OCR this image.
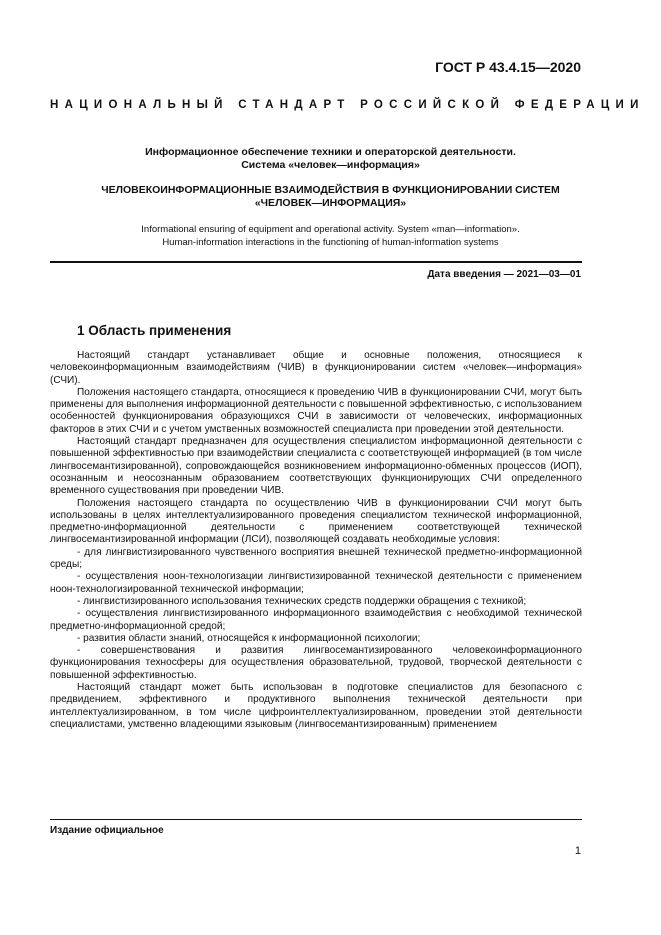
ГОСТ Р 43.4.15—2020
НАЦИОНАЛЬНЫЙ СТАНДАРТ РОССИЙСКОЙ ФЕДЕРАЦИИ
Информационное обеспечение техники и операторской деятельности.
Система «человек—информация»
ЧЕЛОВЕКОИНФОРМАЦИОННЫЕ ВЗАИМОДЕЙСТВИЯ В ФУНКЦИОНИРОВАНИИ СИСТЕМ
«ЧЕЛОВЕК—ИНФОРМАЦИЯ»
Informational ensuring of equipment and operational activity. System «man—information».
Human-information interactions in the functioning of human-information systems
Дата введения — 2021—03—01
1 Область применения

Настоящий стандарт устанавливает общие и основные положения, относящиеся к человекоинформационным взаимодействиям (ЧИВ) в функционировании систем «человек—информация» (СЧИ).

Положения настоящего стандарта, относящиеся к проведению ЧИВ в функционировании СЧИ, могут быть применены для выполнения информационной деятельности с повышенной эффективностью, с использованием особенностей функционирования образующихся СЧИ в зависимости от человеческих, информационных факторов в этих СЧИ и с учетом умственных возможностей специалиста при проведении этой деятельности.

Настоящий стандарт предназначен для осуществления специалистом информационной деятельности с повышенной эффективностью при взаимодействии специалиста с соответствующей информацией (в том числе лингвосемантизированной), сопровождающейся возникновением информационно-обменных процессов (ИОП), осознанным и неосознанным образованием соответствующих функционирующих СЧИ определенного временного существования при проведении ЧИВ.

Положения настоящего стандарта по осуществлению ЧИВ в функционировании СЧИ могут быть использованы в целях интеллектуализированного проведения специалистом технической информационной, предметно-информационной деятельности с применением соответствующей технической лингвосемантизированной информации (ЛСИ), позволяющей создавать необходимые условия:

- для лингвистизированного чувственного восприятия внешней технической предметно-информационной среды;

- осуществления ноон-технологизации лингвистизированной технической деятельности с применением ноон-технологизированной технической информации;

- лингвистизированного использования технических средств поддержки обращения с техникой;

- осуществления лингвистизированного информационного взаимодействия с необходимой технической предметно-информационной средой;

- развития области знаний, относящейся к информационной психологии;

- совершенствования и развития лингвосемантизированного человекоинформационного функционирования техносферы для осуществления образовательной, трудовой, творческой деятельности с повышенной эффективностью.

Настоящий стандарт может быть использован в подготовке специалистов для безопасного с предвидением, эффективного и продуктивного выполнения технической деятельности при интеллектуализированном, в том числе цифроинтеллектуализированном, проведении этой деятельности специалистами, умственно владеющими языковым (лингвосемантизированным) применением

Издание официальное
1
